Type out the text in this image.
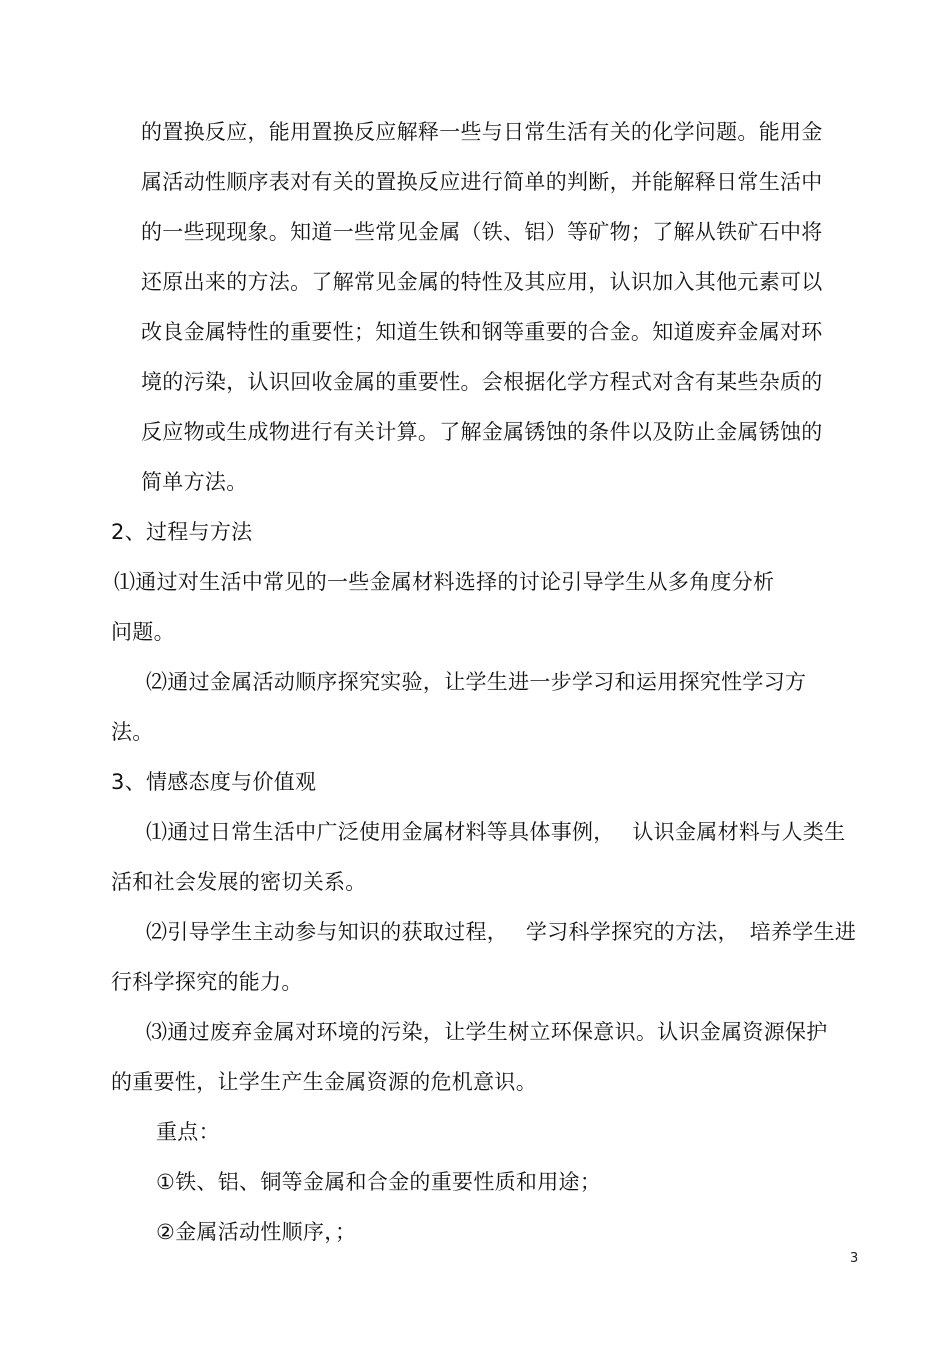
的置换反应，能用置换反应解释一些与日常生活有关的化学问题。能用金
属活动性顺序表对有关的置换反应进行简单的判断，并能解释日常生活中
的一些现现象。知道一些常见金属（铁、铝）等矿物；了解从铁矿石中将
还原出来的方法。了解常见金属的特性及其应用，认识加入其他元素可以
改良金属特性的重要性；知道生铁和钢等重要的合金。知道废弃金属对环
境的污染，认识回收金属的重要性。会根据化学方程式对含有某些杂质的
反应物或生成物进行有关计算。了解金属锈蚀的条件以及防止金属锈蚀的
简单方法。
2、过程与方法
⑴通过对生活中常见的一些金属材料选择的讨论引导学生从多角度分析
问题。
⑵通过金属活动顺序探究实验，让学生进一步学习和运用探究性学习方
法。
3、情感态度与价值观
⑴通过日常生活中广泛使用金属材料等具体事例，　 认识金属材料与人类生
活和社会发展的密切关系。
⑵引导学生主动参与知识的获取过程，　 学习科学探究的方法，　培养学生进
行科学探究的能力。
⑶通过废弃金属对环境的污染，让学生树立环保意识。认识金属资源保护
的重要性，让学生产生金属资源的危机意识。
重点：
①铁、铝、铜等金属和合金的重要性质和用途；
②金属活动性顺序，；
3
